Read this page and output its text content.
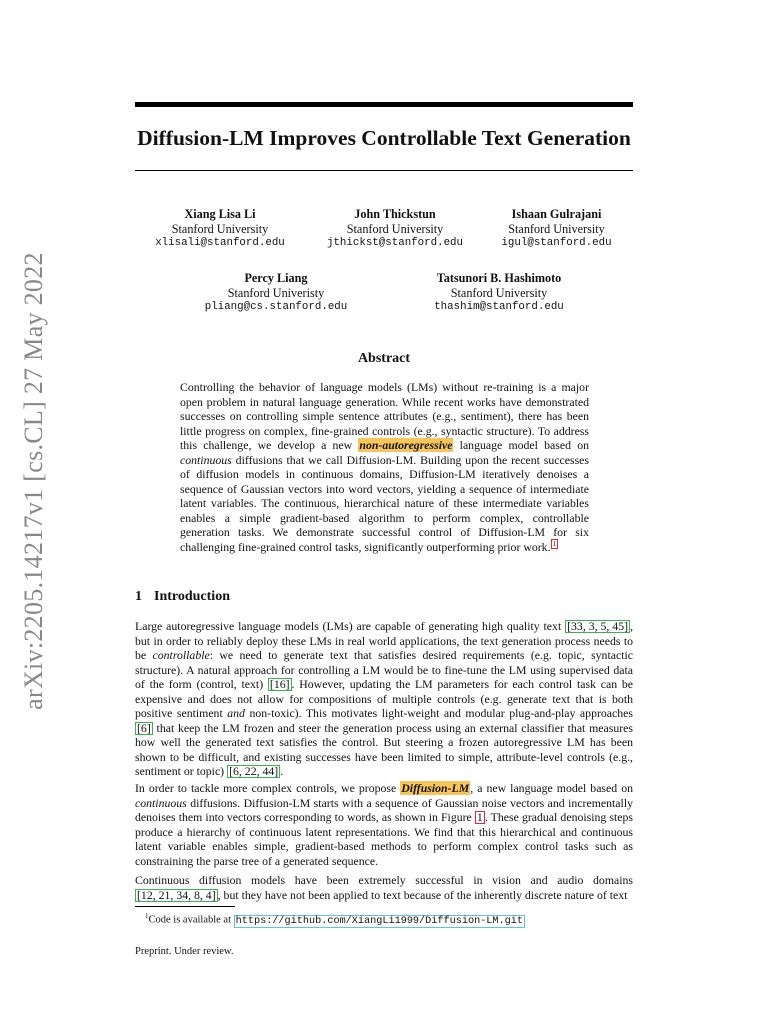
arXiv:2205.14217v1 [cs.CL] 27 May 2022
Diffusion-LM Improves Controllable Text Generation
Xiang Lisa Li
Stanford University
xlisali@stanford.edu
John Thickstun
Stanford University
jthickst@stanford.edu
Ishaan Gulrajani
Stanford University
igul@stanford.edu
Percy Liang
Stanford Univeristy
pliang@cs.stanford.edu
Tatsunori B. Hashimoto
Stanford University
thashim@stanford.edu
Abstract
Controlling the behavior of language models (LMs) without re-training is a major open problem in natural language generation. While recent works have demonstrated successes on controlling simple sentence attributes (e.g., sentiment), there has been little progress on complex, fine-grained controls (e.g., syntactic structure). To address this challenge, we develop a new non-autoregressive language model based on continuous diffusions that we call Diffusion-LM. Building upon the recent successes of diffusion models in continuous domains, Diffusion-LM iteratively denoises a sequence of Gaussian vectors into word vectors, yielding a sequence of intermediate latent variables. The continuous, hierarchical nature of these intermediate variables enables a simple gradient-based algorithm to perform complex, controllable generation tasks. We demonstrate successful control of Diffusion-LM for six challenging fine-grained control tasks, significantly outperforming prior work. $^1$
1 Introduction
Large autoregressive language models (LMs) are capable of generating high quality text [33, 3, 5, 45] , but in order to reliably deploy these LMs in real world applications, the text generation process needs to be controllable: we need to generate text that satisfies desired requirements (e.g. topic, syntactic structure). A natural approach for controlling a LM would be to fine-tune the LM using supervised data of the form (control, text) [16] . However, updating the LM parameters for each control task can be expensive and does not allow for compositions of multiple controls (e.g. generate text that is both positive sentiment and non-toxic). This motivates light-weight and modular plug-and-play approaches [6] that keep the LM frozen and steer the generation process using an external classifier that measures how well the generated text satisfies the control. But steering a frozen autoregressive LM has been shown to be difficult, and existing successes have been limited to simple, attribute-level controls (e.g., sentiment or topic) [6, 22, 44] .
In order to tackle more complex controls, we propose Diffusion-LM, a new language model based on continuous diffusions. Diffusion-LM starts with a sequence of Gaussian noise vectors and incrementally denoises them into vectors corresponding to words, as shown in Figure 1 . These gradual denoising steps produce a hierarchy of continuous latent representations. We find that this hierarchical and continuous latent variable enables simple, gradient-based methods to perform complex control tasks such as constraining the parse tree of a generated sequence.
Continuous diffusion models have been extremely successful in vision and audio domains [12, 21, 34, 8, 4] , but they have not been applied to text because of the inherently discrete nature of text
$^1$Code is available at https://github.com/XiangLi1999/Diffusion-LM.git
Preprint. Under review.
